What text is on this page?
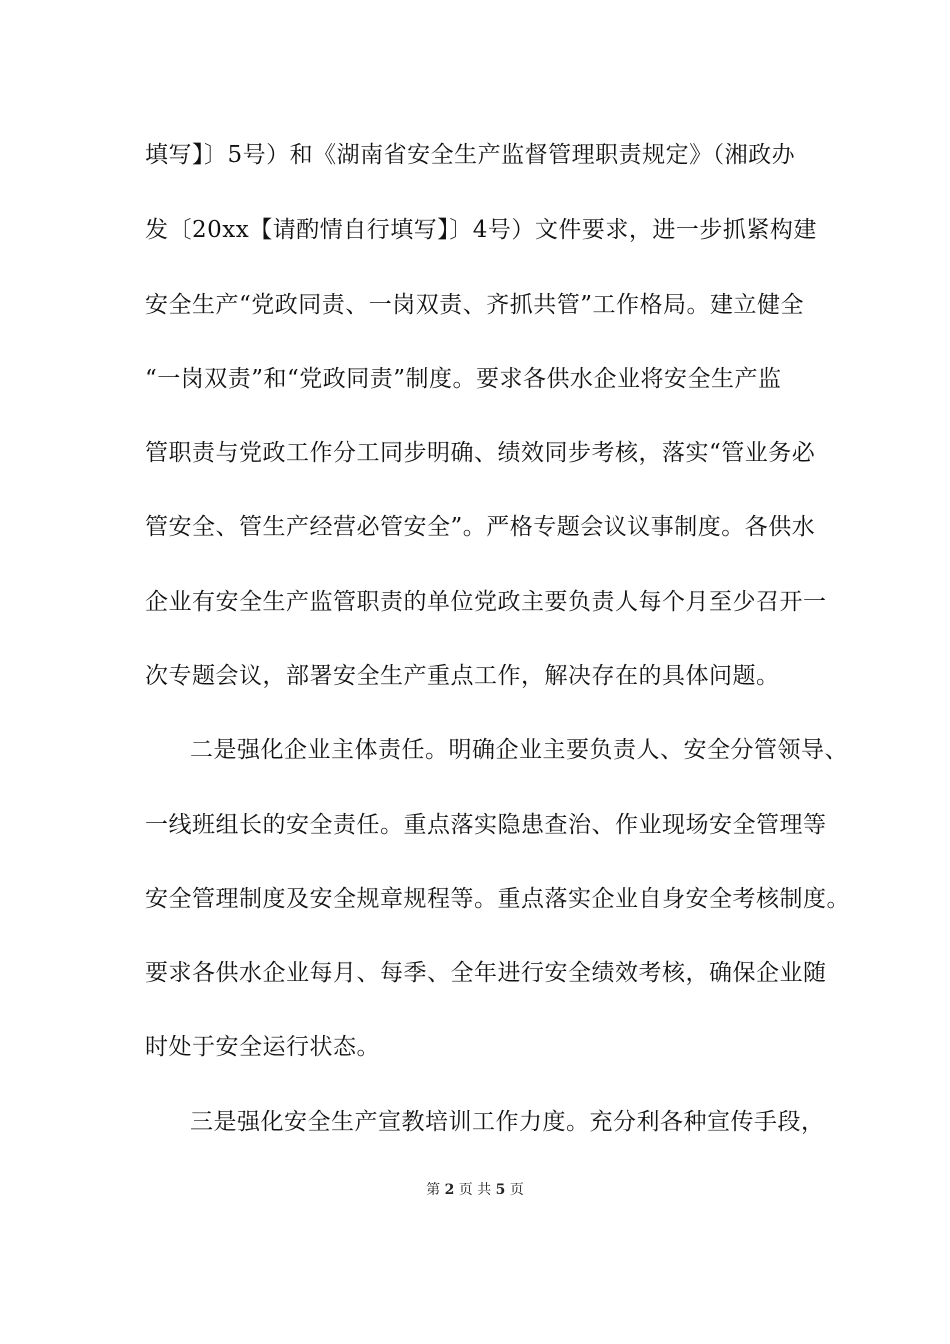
填写】〕5号）和《湖南省安全生产监督管理职责规定》（湘政办
发〔20xx【请酌情自行填写】〕4号）文件要求，进一步抓紧构建
安全生产“党政同责、一岗双责、齐抓共管”工作格局。建立健全
“一岗双责”和“党政同责”制度。要求各供水企业将安全生产监
管职责与党政工作分工同步明确、绩效同步考核，落实“管业务必
管安全、管生产经营必管安全”。严格专题会议议事制度。各供水
企业有安全生产监管职责的单位党政主要负责人每个月至少召开一
次专题会议，部署安全生产重点工作，解决存在的具体问题。
二是强化企业主体责任。明确企业主要负责人、安全分管领导、
一线班组长的安全责任。重点落实隐患查治、作业现场安全管理等
安全管理制度及安全规章规程等。重点落实企业自身安全考核制度。
要求各供水企业每月、每季、全年进行安全绩效考核，确保企业随
时处于安全运行状态。
三是强化安全生产宣教培训工作力度。充分利各种宣传手段，
第 2 页 共 5 页
